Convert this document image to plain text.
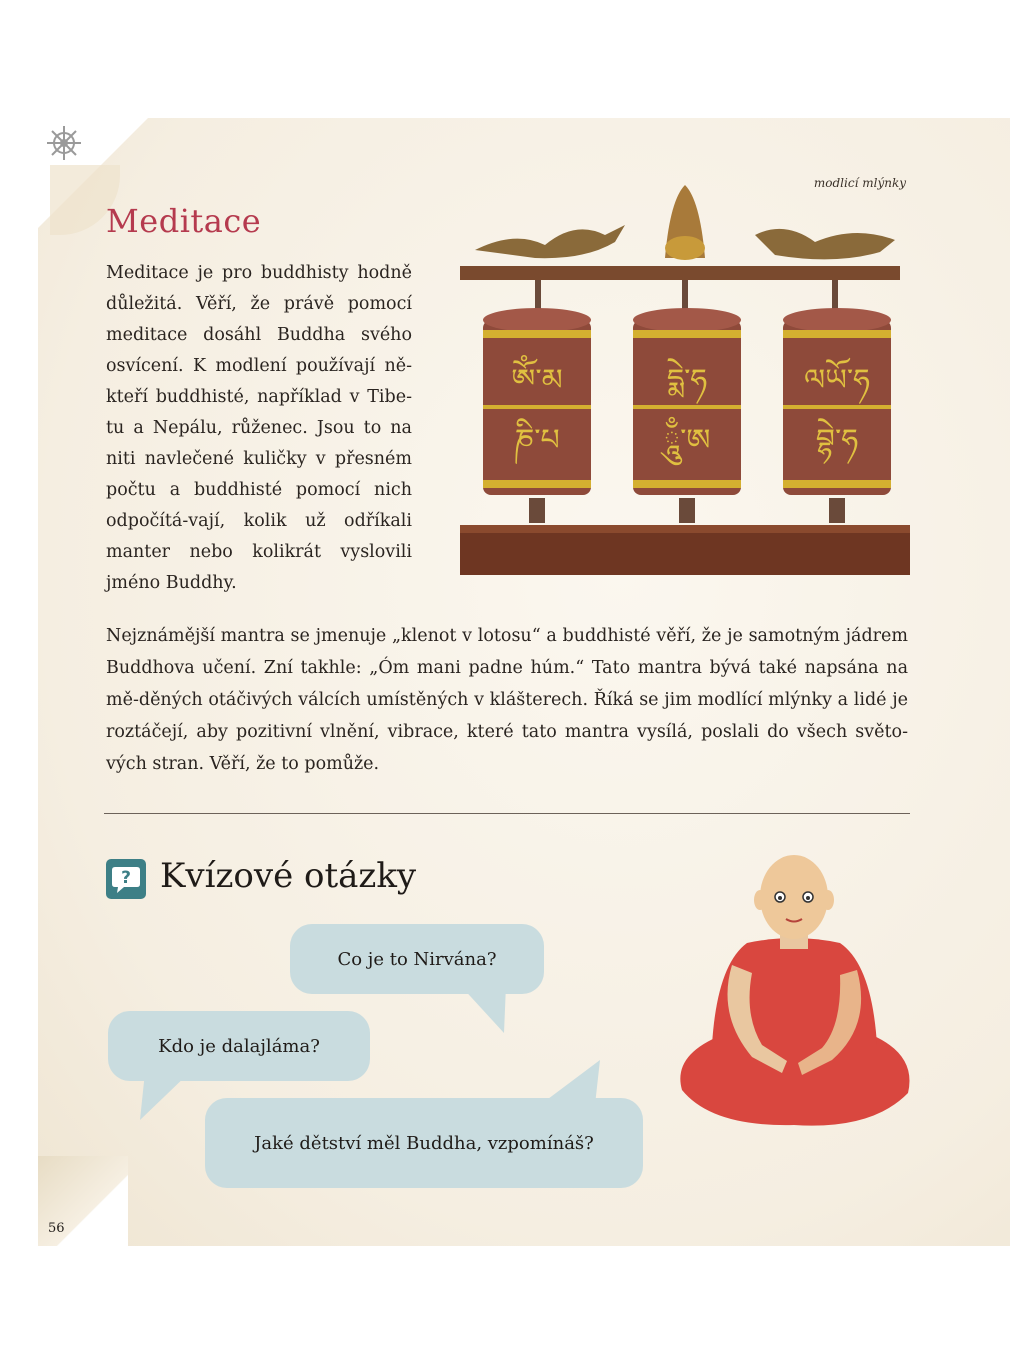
modlicí mlýnky
ཨོཾ་མ
ཎི་པ
དྨེ་ཧ
ཱུྃ་ཨ
ལཡོ་ཧ
བྷེ་ཧ
Meditace

Meditace je pro buddhisty hodně důležitá. Věří, že právě pomocí meditace dosáhl Buddha svého osvícení. K modlení používají ně-kteří buddhisté, například v Tibe-tu a Nepálu, růženec. Jsou to na niti navlečené kuličky v přesném počtu a buddhisté pomocí nich odpočítá-vají, kolik už odříkali manter nebo kolikrát vyslovili jméno Buddhy.

Nejznámější mantra se jmenuje „klenot v lotosu“ a buddhisté věří, že je samotným jádrem Buddhova učení. Zní takhle: „Óm mani padne húm.“ Tato mantra bývá také napsána na mě-děných otáčivých válcích umístěných v klášterech. Říká se jim modlící mlýnky a lidé je roztáčejí, aby pozitivní vlnění, vibrace, které tato mantra vysílá, poslali do všech světo-vých stran. Věří, že to pomůže.

? Kvízové otázky
Co je to Nirvána?
Kdo je dalajláma?
Jaké dětství měl Buddha, vzpomínáš?
56
